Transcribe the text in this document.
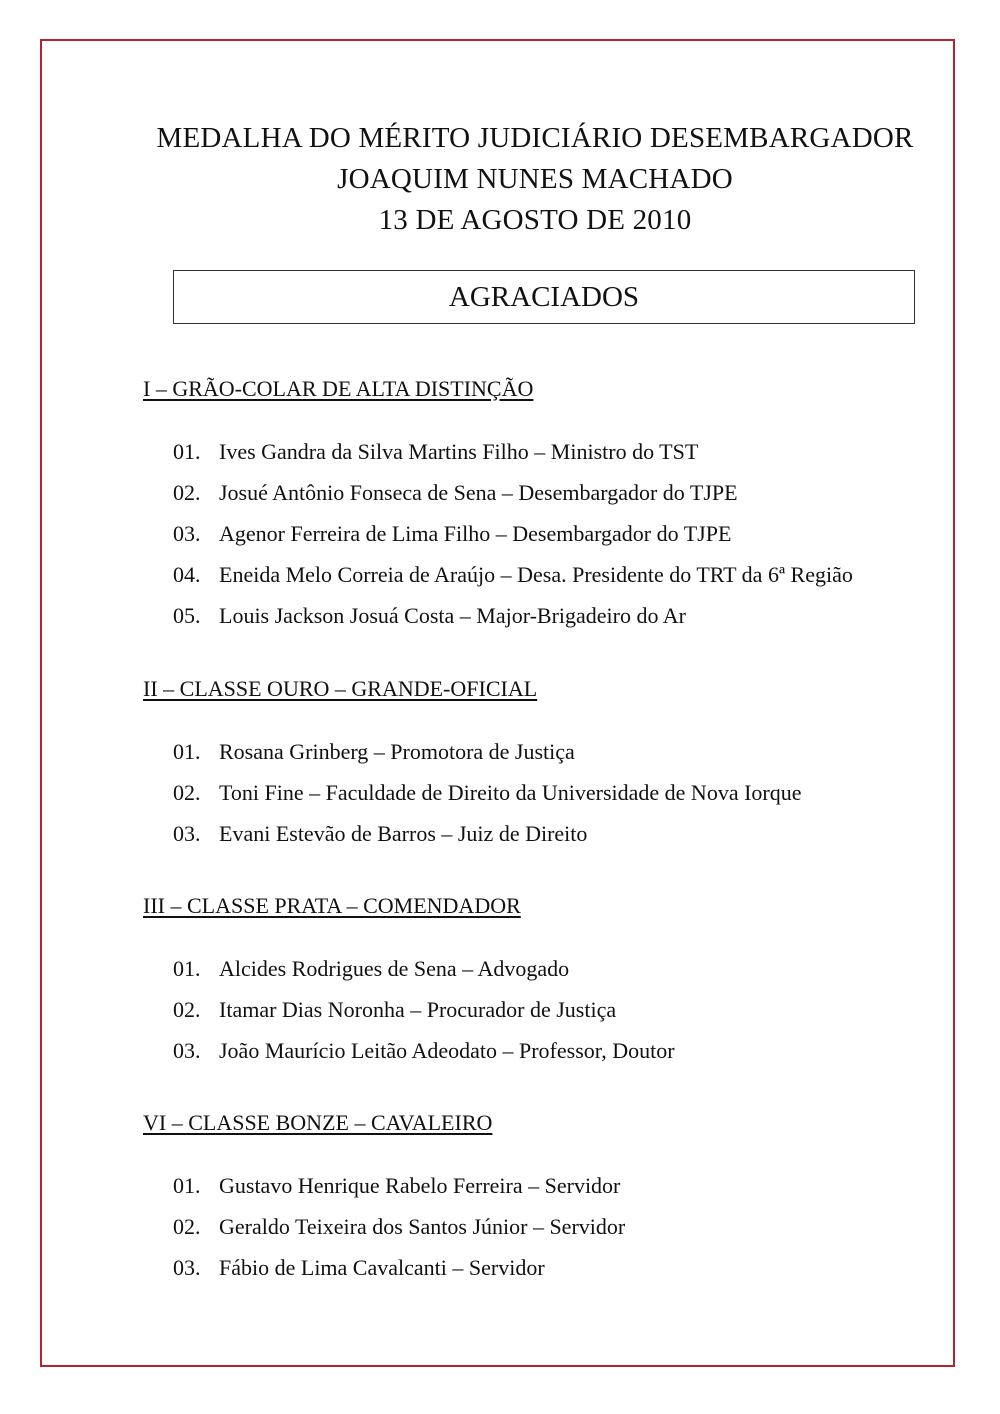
MEDALHA DO MÉRITO JUDICIÁRIO DESEMBARGADOR
JOAQUIM NUNES MACHADO
13 DE AGOSTO DE 2010
AGRACIADOS

I – GRÃO-COLAR DE ALTA DISTINÇÃO

01. Ives Gandra da Silva Martins Filho – Ministro do TST
02. Josué Antônio Fonseca de Sena – Desembargador do TJPE
03. Agenor Ferreira de Lima Filho – Desembargador do TJPE
04. Eneida Melo Correia de Araújo – Desa. Presidente do TRT da 6ª Região
05. Louis Jackson Josuá Costa – Major-Brigadeiro do Ar

II – CLASSE OURO – GRANDE-OFICIAL

01. Rosana Grinberg – Promotora de Justiça
02. Toni Fine – Faculdade de Direito da Universidade de Nova Iorque
03. Evani Estevão de Barros – Juiz de Direito

III – CLASSE PRATA – COMENDADOR

01. Alcides Rodrigues de Sena – Advogado
02. Itamar Dias Noronha – Procurador de Justiça
03. João Maurício Leitão Adeodato – Professor, Doutor

VI – CLASSE BONZE – CAVALEIRO

01. Gustavo Henrique Rabelo Ferreira – Servidor
02. Geraldo Teixeira dos Santos Júnior – Servidor
03. Fábio de Lima Cavalcanti – Servidor
